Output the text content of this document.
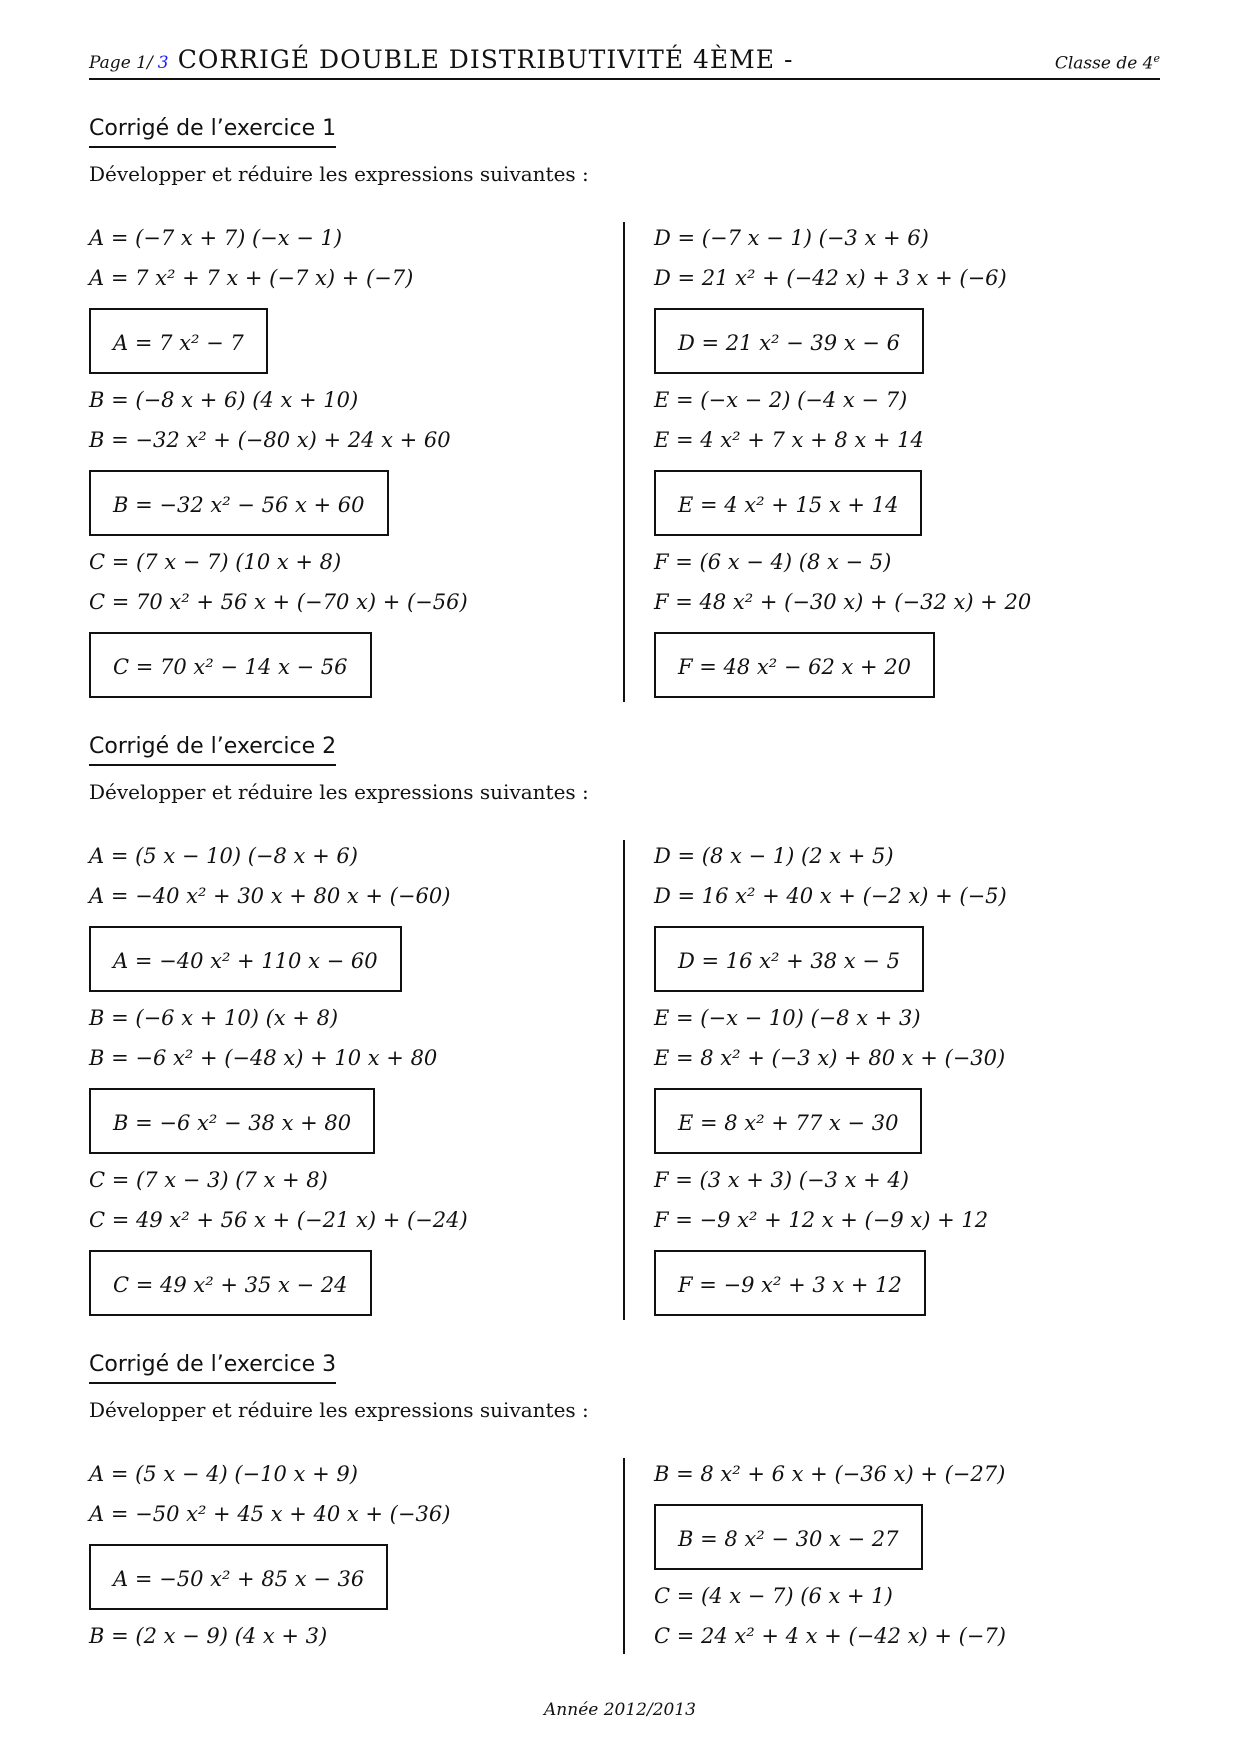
Page 1/ 3 CORRIGÉ DOUBLE DISTRIBUTIVITÉ 4ÈME -	Classe de 4e
Corrigé de l’exercice 1
Développer et réduire les expressions suivantes :
A = (−7 x + 7) (−x − 1)
A = 7 x² + 7 x + (−7 x) + (−7)
A = 7 x² − 7
B = (−8 x + 6) (4 x + 10)
B = −32 x² + (−80 x) + 24 x + 60
B = −32 x² − 56 x + 60
C = (7 x − 7) (10 x + 8)
C = 70 x² + 56 x + (−70 x) + (−56)
C = 70 x² − 14 x − 56
D = (−7 x − 1) (−3 x + 6)
D = 21 x² + (−42 x) + 3 x + (−6)
D = 21 x² − 39 x − 6
E = (−x − 2) (−4 x − 7)
E = 4 x² + 7 x + 8 x + 14
E = 4 x² + 15 x + 14
F = (6 x − 4) (8 x − 5)
F = 48 x² + (−30 x) + (−32 x) + 20
F = 48 x² − 62 x + 20
Corrigé de l’exercice 2
Développer et réduire les expressions suivantes :
A = (5 x − 10) (−8 x + 6)
A = −40 x² + 30 x + 80 x + (−60)
A = −40 x² + 110 x − 60
B = (−6 x + 10) (x + 8)
B = −6 x² + (−48 x) + 10 x + 80
B = −6 x² − 38 x + 80
C = (7 x − 3) (7 x + 8)
C = 49 x² + 56 x + (−21 x) + (−24)
C = 49 x² + 35 x − 24
D = (8 x − 1) (2 x + 5)
D = 16 x² + 40 x + (−2 x) + (−5)
D = 16 x² + 38 x − 5
E = (−x − 10) (−8 x + 3)
E = 8 x² + (−3 x) + 80 x + (−30)
E = 8 x² + 77 x − 30
F = (3 x + 3) (−3 x + 4)
F = −9 x² + 12 x + (−9 x) + 12
F = −9 x² + 3 x + 12
Corrigé de l’exercice 3
Développer et réduire les expressions suivantes :
A = (5 x − 4) (−10 x + 9)
A = −50 x² + 45 x + 40 x + (−36)
A = −50 x² + 85 x − 36
B = (2 x − 9) (4 x + 3)
B = 8 x² + 6 x + (−36 x) + (−27)
B = 8 x² − 30 x − 27
C = (4 x − 7) (6 x + 1)
C = 24 x² + 4 x + (−42 x) + (−7)
Année 2012/2013
